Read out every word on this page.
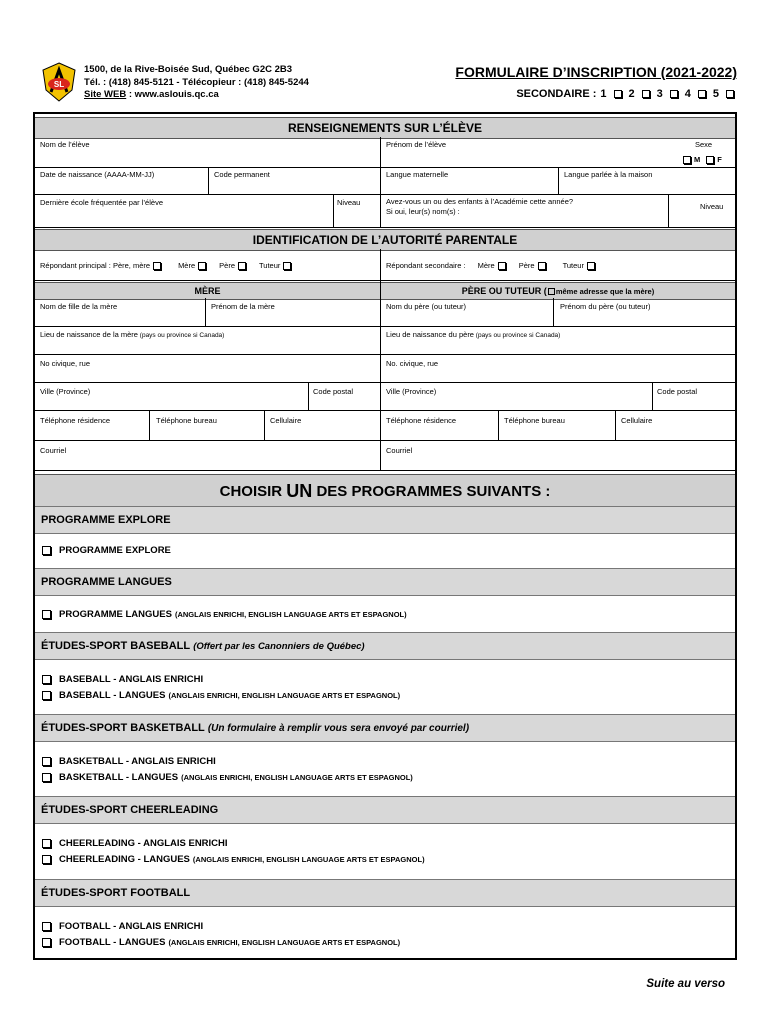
SL
1500, de la Rive-Boisée Sud, Québec G2C 2B3
Tél. : (418) 845-5121 - Télécopieur : (418) 845-5244
Site WEB : www.aslouis.qc.ca
FORMULAIRE D’INSCRIPTION (2021-2022)
SECONDAIRE : 1 2 3 4 5
RENSEIGNEMENTS SUR L’ÉLÈVE
Nom de l’élève	Prénom de l’élève	Sexe
M F
Date de naissance (AAAA-MM-JJ)	Code permanent	Langue maternelle	Langue parlée à la maison
Dernière école fréquentée par l’élève	Niveau	Avez-vous un ou des enfants à l’Académie cette année?
Si oui, leur(s) nom(s) :
Niveau
IDENTIFICATION DE L’AUTORITÉ PARENTALE
Répondant principal : Père, mère	Mère	Père	Tuteur	Répondant secondaire : Mère	Père	Tuteur
MÈRE	PÈRE OU TUTEUR ( même adresse que la mère)
Nom de fille de la mère	Prénom de la mère	Nom du père (ou tuteur)	Prénom du père (ou tuteur)
Lieu de naissance de la mère (pays ou province si Canada)	Lieu de naissance du père (pays ou province si Canada)
No civique, rue	No. civique, rue
Ville (Province)	Code postal	Ville (Province)	Code postal
Téléphone résidence	Téléphone bureau	Cellulaire	Téléphone résidence	Téléphone bureau	Cellulaire
Courriel	Courriel
CHOISIR
UN
DES PROGRAMMES SUIVANTS :
PROGRAMME EXPLORE
PROGRAMME EXPLORE
PROGRAMME LANGUES
PROGRAMME LANGUES (ANGLAIS ENRICHI, ENGLISH LANGUAGE ARTS ET ESPAGNOL)
ÉTUDES-SPORT BASEBALL
(Offert par les Canonniers de Québec)
BASEBALL - ANGLAIS ENRICHI
BASEBALL - LANGUES (ANGLAIS ENRICHI, ENGLISH LANGUAGE ARTS ET ESPAGNOL)
ÉTUDES-SPORT BASKETBALL
(Un formulaire à remplir vous sera envoyé par courriel)
BASKETBALL - ANGLAIS ENRICHI
BASKETBALL - LANGUES (ANGLAIS ENRICHI, ENGLISH LANGUAGE ARTS ET ESPAGNOL)
ÉTUDES-SPORT CHEERLEADING
CHEERLEADING - ANGLAIS ENRICHI
CHEERLEADING - LANGUES (ANGLAIS ENRICHI, ENGLISH LANGUAGE ARTS ET ESPAGNOL)
ÉTUDES-SPORT FOOTBALL
FOOTBALL - ANGLAIS ENRICHI
FOOTBALL - LANGUES (ANGLAIS ENRICHI, ENGLISH LANGUAGE ARTS ET ESPAGNOL)
Suite au verso
